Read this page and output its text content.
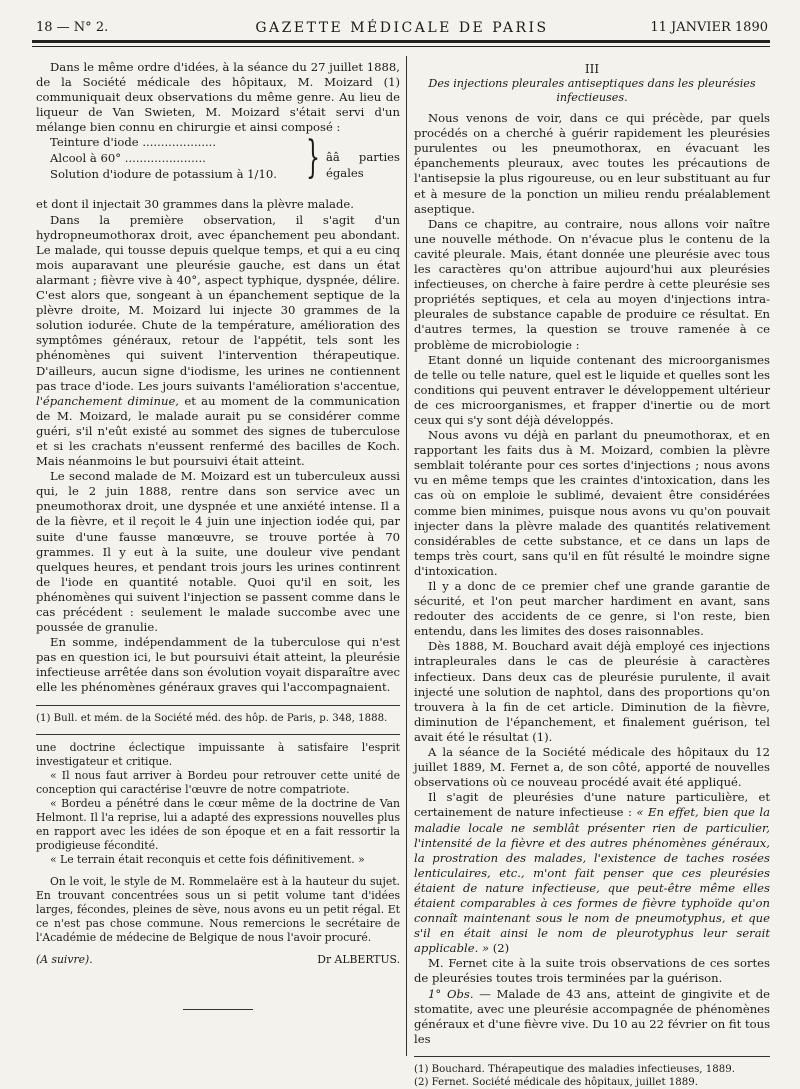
18 — N° 2.	GAZETTE MÉDICALE DE PARIS	11 JANVIER 1890

Dans le même ordre d'idées, à la séance du 27 juillet 1888, de la Société médicale des hôpitaux, M. Moizard (1) communiquait deux observations du même genre. Au lieu de liqueur de Van Swieten, M. Moizard s'était servi d'un mélange bien connu en chirurgie et ainsi composé :

Teinture d'iode ....................
Alcool à 60° ......................
Solution d'iodure de potassium à 1/10. } ââ parties égales

et dont il injectait 30 grammes dans la plèvre malade.

Dans la première observation, il s'agit d'un hydropneumothorax droit, avec épanchement peu abondant. Le malade, qui tousse depuis quelque temps, et qui a eu cinq mois auparavant une pleurésie gauche, est dans un état alarmant ; fièvre vive à 40°, aspect typhique, dyspnée, délire. C'est alors que, songeant à un épanchement septique de la plèvre droite, M. Moizard lui injecte 30 grammes de la solution iodurée. Chute de la température, amélioration des symptômes généraux, retour de l'appétit, tels sont les phénomènes qui suivent l'intervention thérapeutique. D'ailleurs, aucun signe d'iodisme, les urines ne contiennent pas trace d'iode. Les jours suivants l'amélioration s'accentue, l'épanchement diminue, et au moment de la communication de M. Moizard, le malade aurait pu se considérer comme guéri, s'il n'eût existé au sommet des signes de tuberculose et si les crachats n'eussent renfermé des bacilles de Koch. Mais néanmoins le but poursuivi était atteint.

Le second malade de M. Moizard est un tuberculeux aussi qui, le 2 juin 1888, rentre dans son service avec un pneumothorax droit, une dyspnée et une anxiété intense. Il a de la fièvre, et il reçoit le 4 juin une injection iodée qui, par suite d'une fausse manœuvre, se trouve portée à 70 grammes. Il y eut à la suite, une douleur vive pendant quelques heures, et pendant trois jours les urines continrent de l'iode en quantité notable. Quoi qu'il en soit, les phénomènes qui suivent l'injection se passent comme dans le cas précédent : seulement le malade succombe avec une poussée de granulie.

En somme, indépendamment de la tuberculose qui n'est pas en question ici, le but poursuivi était atteint, la pleurésie infectieuse arrêtée dans son évolution voyait disparaître avec elle les phénomènes généraux graves qui l'accompagnaient.

(1) Bull. et mém. de la Société méd. des hôp. de Paris, p. 348, 1888.

une doctrine éclectique impuissante à satisfaire l'esprit investigateur et critique.

« Il nous faut arriver à Bordeu pour retrouver cette unité de conception qui caractérise l'œuvre de notre compatriote.

« Bordeu a pénétré dans le cœur même de la doctrine de Van Helmont. Il l'a reprise, lui a adapté des expressions nouvelles plus en rapport avec les idées de son époque et en a fait ressortir la prodigieuse fécondité.

« Le terrain était reconquis et cette fois définitivement. »

On le voit, le style de M. Rommelaëre est à la hauteur du sujet. En trouvant concentrées sous un si petit volume tant d'idées larges, fécondes, pleines de sève, nous avons eu un petit régal. Et ce n'est pas chose commune. Nous remercions le secrétaire de l'Académie de médecine de Belgique de nous l'avoir procuré.

(A suivre).	Dr ALBERTUS.
III
Des injections pleurales antiseptiques dans les pleurésies infectieuses.

Nous venons de voir, dans ce qui précède, par quels procédés on a cherché à guérir rapidement les pleurésies purulentes ou les pneumothorax, en évacuant les épanchements pleuraux, avec toutes les précautions de l'antisepsie la plus rigoureuse, ou en leur substituant au fur et à mesure de la ponction un milieu rendu préalablement aseptique.

Dans ce chapitre, au contraire, nous allons voir naître une nouvelle méthode. On n'évacue plus le contenu de la cavité pleurale. Mais, étant donnée une pleurésie avec tous les caractères qu'on attribue aujourd'hui aux pleurésies infectieuses, on cherche à faire perdre à cette pleurésie ses propriétés septiques, et cela au moyen d'injections intra-pleurales de substance capable de produire ce résultat. En d'autres termes, la question se trouve ramenée à ce problème de microbiologie :

Etant donné un liquide contenant des microorganismes de telle ou telle nature, quel est le liquide et quelles sont les conditions qui peuvent entraver le développement ultérieur de ces microorganismes, et frapper d'inertie ou de mort ceux qui s'y sont déjà développés.

Nous avons vu déjà en parlant du pneumothorax, et en rapportant les faits dus à M. Moizard, combien la plèvre semblait tolérante pour ces sortes d'injections ; nous avons vu en même temps que les craintes d'intoxication, dans les cas où on emploie le sublimé, devaient être considérées comme bien minimes, puisque nous avons vu qu'on pouvait injecter dans la plèvre malade des quantités relativement considérables de cette substance, et ce dans un laps de temps très court, sans qu'il en fût résulté le moindre signe d'intoxication.

Il y a donc de ce premier chef une grande garantie de sécurité, et l'on peut marcher hardiment en avant, sans redouter des accidents de ce genre, si l'on reste, bien entendu, dans les limites des doses raisonnables.

Dès 1888, M. Bouchard avait déjà employé ces injections intrapleurales dans le cas de pleurésie à caractères infectieux. Dans deux cas de pleurésie purulente, il avait injecté une solution de naphtol, dans des proportions qu'on trouvera à la fin de cet article. Diminution de la fièvre, diminution de l'épanchement, et finalement guérison, tel avait été le résultat (1).

A la séance de la Société médicale des hôpitaux du 12 juillet 1889, M. Fernet a, de son côté, apporté de nouvelles observations où ce nouveau procédé avait été appliqué.

Il s'agit de pleurésies d'une nature particulière, et certainement de nature infectieuse : « En effet, bien que la maladie locale ne semblât présenter rien de particulier, l'intensité de la fièvre et des autres phénomènes généraux, la prostration des malades, l'existence de taches rosées lenticulaires, etc., m'ont fait penser que ces pleurésies étaient de nature infectieuse, que peut-être même elles étaient comparables à ces formes de fièvre typhoïde qu'on connaît maintenant sous le nom de pneumotyphus, et que s'il en était ainsi le nom de pleurotyphus leur serait applicable. » (2)

M. Fernet cite à la suite trois observations de ces sortes de pleurésies toutes trois terminées par la guérison.

1° Obs. — Malade de 43 ans, atteint de gingivite et de stomatite, avec une pleurésie accompagnée de phénomènes généraux et d'une fièvre vive. Du 10 au 22 février on fit tous les

(1) Bouchard. Thérapeutique des maladies infectieuses, 1889.

(2) Fernet. Société médicale des hôpitaux, juillet 1889.
